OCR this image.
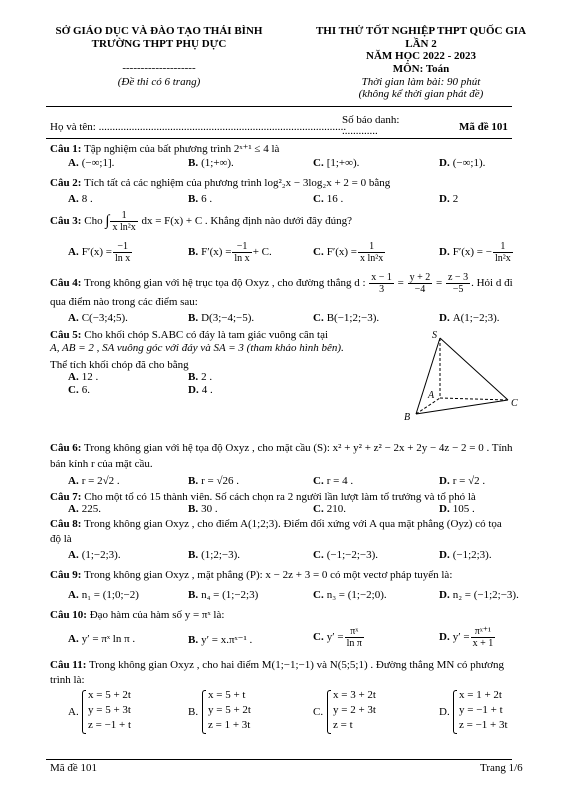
SỞ GIÁO DỤC VÀ ĐÀO TẠO THÁI BÌNH
TRƯỜNG THPT PHỤ DỰC
--------------------
(Đề thi có 6 trang)
THI THỬ TỐT NGHIỆP THPT QUỐC GIA
LẦN 2
NĂM HỌC 2022 - 2023
MÔN: Toán
Thời gian làm bài: 90 phút
(không kể thời gian phát đề)
Họ và tên: ..........................................................................................
Số báo danh:
.............	Mã đề 101
Câu 1: Tập nghiệm của bất phương trình 2ˣ⁺¹ ≤ 4 là
A. (−∞;1].	B. (1;+∞).	C. [1;+∞).	D. (−∞;1).
Câu 2: Tích tất cả các nghiệm của phương trình log²₂x − 3log₂x + 2 = 0 bằng
A. 8 .	B. 6 .	C. 16 .	D. 2
Câu 3: Cho ∫ $\frac{1}{\text{x ln²x}}$ dx = F(x) + C . Khẳng định nào dưới đây đúng?
A. $F'(x) = \frac{-1}{\text{ln x}}$	B. $F'(x) = \frac{-1}{\text{ln x}} + C$.	C. $F'(x) = \frac{1}{\text{x ln²x}}$	D. F′(x) = − $\frac{1}{\text{ln²x}}$
Câu 4: Trong không gian với hệ trục tọa độ Oxyz , cho đường thẳng d : $\frac{x - 1}{3} = \frac{y + 2}{-4} = \frac{z - 3}{-5}$ . Hỏi d đi
qua điểm nào trong các điểm sau:
A. C(−3;4;5).	B. D(3;−4;−5).	C. B(−1;2;−3).	D. A(1;−2;3).
Câu 5: Cho khối chóp S.ABC có đáy là tam giác vuông cân tại
A, AB = 2 , SA vuông góc với đáy và SA = 3 (tham khảo hình bên).
Thể tích khối chóp đã cho bằng
A. 12 .	B. 2 .
C. 6.	D. 4 .
S
A
B
C
Câu 6: Trong không gian với hệ tọa độ Oxyz , cho mặt cầu (S): x² + y² + z² − 2x + 2y − 4z − 2 = 0 . Tính
bán kính r của mặt cầu.
A. r = 2√2 .	B. r = √26 .	C. r = 4 .	D. r = √2 .
Câu 7: Cho một tổ có 15 thành viên. Số cách chọn ra 2 người lần lượt làm tổ trưởng và tổ phó là
A. 225.	B. 30 .	C. 210.	D. 105 .
Câu 8: Trong không gian Oxyz , cho điểm A(1;2;3). Điểm đối xứng với A qua mặt phẳng (Oyz) có tọa
độ là
A. (1;−2;3).	B. (1;2;−3).	C. (−1;−2;−3).	D. (−1;2;3).
Câu 9: Trong không gian Oxyz , mặt phẳng (P): x − 2z + 3 = 0 có một vectơ pháp tuyến là:
A. n₁ = (1;0;−2)	B. n₄ = (1;−2;3)	C. n₃ = (1;−2;0).	D. n₂ = (−1;2;−3).
Câu 10: Đạo hàm của hàm số y = πˣ là:
A. y′ = πˣ ln π .	B. y′ = x.πˣ⁻¹ .	C. $y' = \frac{\text{πˣ}}{\text{ln π}}$	D. $y' = \frac{\text{πˣ⁺¹}}{x + 1}$
Câu 11: Trong không gian Oxyz , cho hai điểm M(1;−1;−1) và N(5;5;1) . Đường thẳng MN có phương
trình là:
A.
x = 5 + 2t
y = 5 + 3t
z = −1 + t
B.
x = 5 + t
y = 5 + 2t
z = 1 + 3t
C.
x = 3 + 2t
y = 2 + 3t
z = t
D.
x = 1 + 2t
y = −1 + t
z = −1 + 3t
Mã đề 101	Trang 1/6
